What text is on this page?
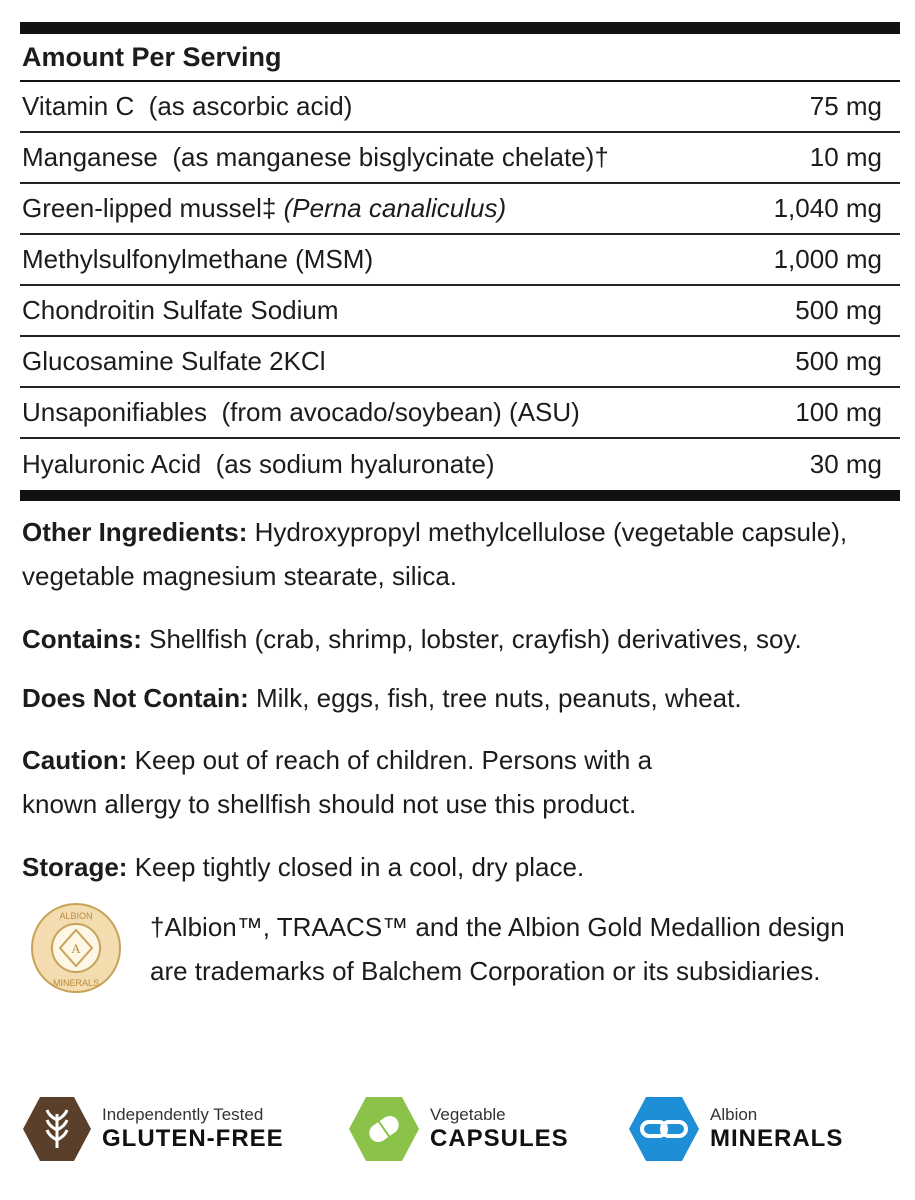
Amount Per Serving
Vitamin C  (as ascorbic acid)	75 mg
Manganese  (as manganese bisglycinate chelate)†	10 mg
Green-lipped mussel‡ (Perna canaliculus)	1,040 mg
Methylsulfonylmethane (MSM)	1,000 mg
Chondroitin Sulfate Sodium	500 mg
Glucosamine Sulfate 2KCl	500 mg
Unsaponifiables  (from avocado/soybean) (ASU)	100 mg
Hyaluronic Acid  (as sodium hyaluronate)	30 mg
Other Ingredients: Hydroxypropyl methylcellulose (vegetable capsule), vegetable magnesium stearate, silica.
Contains: Shellfish (crab, shrimp, lobster, crayfish) derivatives, soy.
Does Not Contain: Milk, eggs, fish, tree nuts, peanuts, wheat.
Caution: Keep out of reach of children. Persons with a known allergy to shellfish should not use this product.
Storage: Keep tightly closed in a cool, dry place.
A
ALBION
MINERALS
†Albion™, TRAACS™ and the Albion Gold Medallion design
are trademarks of Balchem Corporation or its subsidiaries.
Independently Tested
GLUTEN-FREE
Vegetable
CAPSULES
Albion
MINERALS
